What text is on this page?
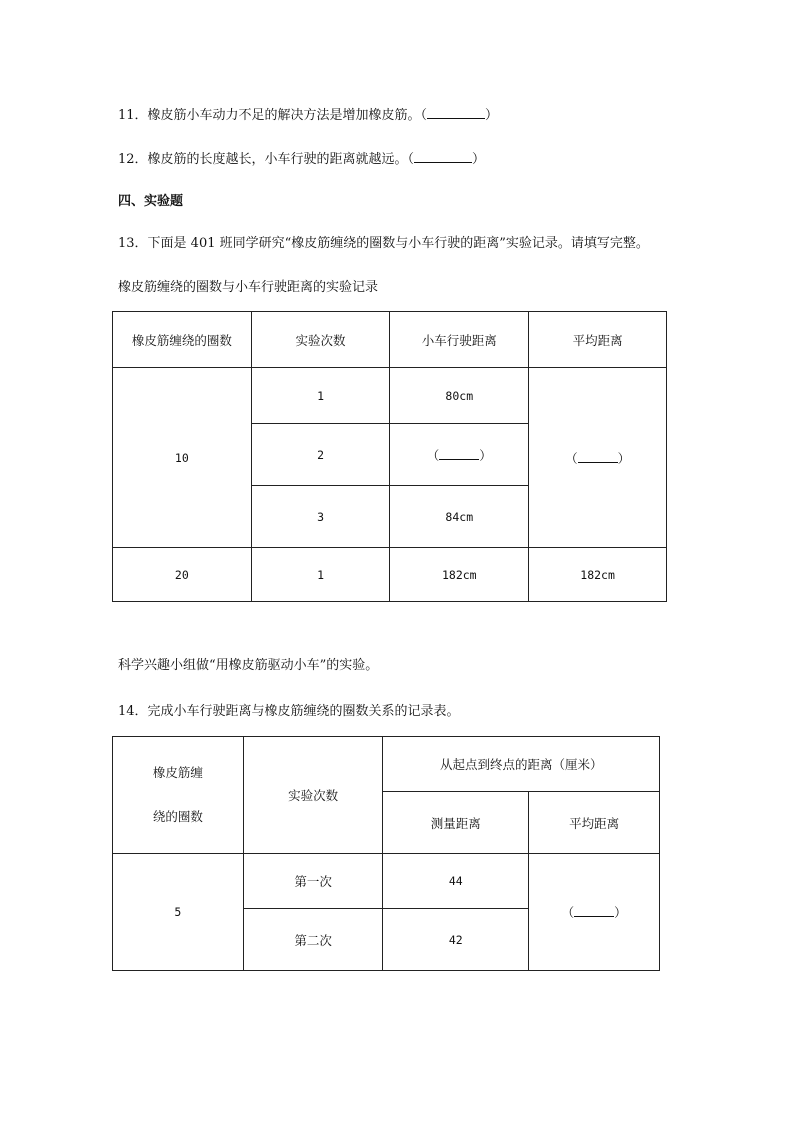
11．橡皮筋小车动力不足的解决方法是增加橡皮筋。（	）
12．橡皮筋的长度越长，小车行驶的距离就越远。（	）
四、实验题
13．下面是 401 班同学研究“橡皮筋缠绕的圈数与小车行驶的距离”实验记录。请填写完整。
橡皮筋缠绕的圈数与小车行驶距离的实验记录
橡皮筋缠绕的圈数	实验次数	小车行驶距离	平均距离
10	1	80cm	（ ）
	2	（ ）	
	3	84cm	
20	1	182cm	182cm
科学兴趣小组做“用橡皮筋驱动小车”的实验。
14．完成小车行驶距离与橡皮筋缠绕的圈数关系的记录表。
橡皮筋缠
绕的圈数	实验次数	从起点到终点的距离（厘米）	
		测量距离	平均距离
5	第一次	44	（ ）
	第二次	42	
